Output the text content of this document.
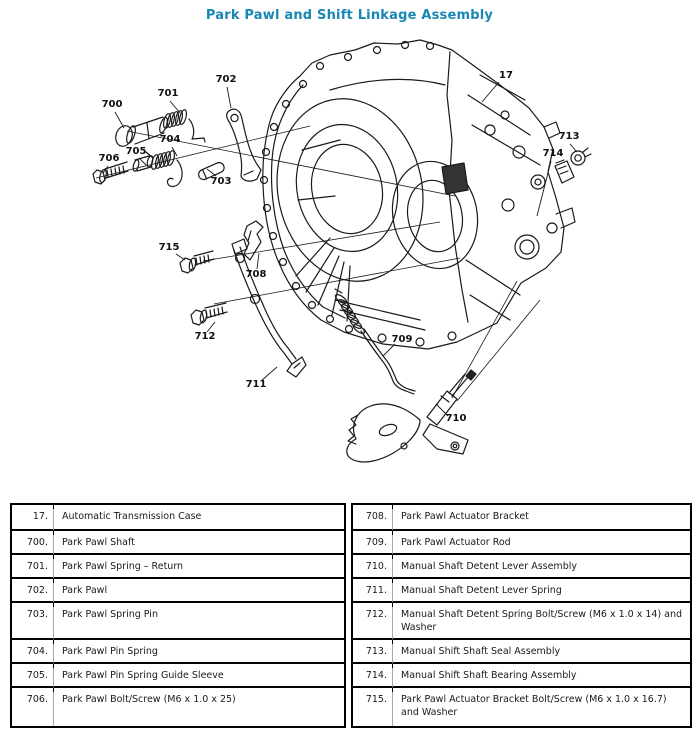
Park Pawl and Shift Linkage Assembly
17
700
701
702
703
704
705
706
708
709
710
711
712
713
714
715
17.	Automatic Transmission Case
700.	Park Pawl Shaft
701.	Park Pawl Spring – Return
702.	Park Pawl
703.	Park Pawl Spring Pin
704.	Park Pawl Pin Spring
705.	Park Pawl Pin Spring Guide Sleeve
706.	Park Pawl Bolt/Screw (M6 x 1.0 x 25)
708.	Park Pawl Actuator Bracket
709.	Park Pawl Actuator Rod
710.	Manual Shaft Detent Lever Assembly
711.	Manual Shaft Detent Lever Spring
712.	Manual Shaft Detent Spring Bolt/Screw (M6 x 1.0 x 14) and Washer
713.	Manual Shift Shaft Seal Assembly
714.	Manual Shift Shaft Bearing Assembly
715.	Park Pawl Actuator Bracket Bolt/Screw (M6 x 1.0 x 16.7) and Washer
